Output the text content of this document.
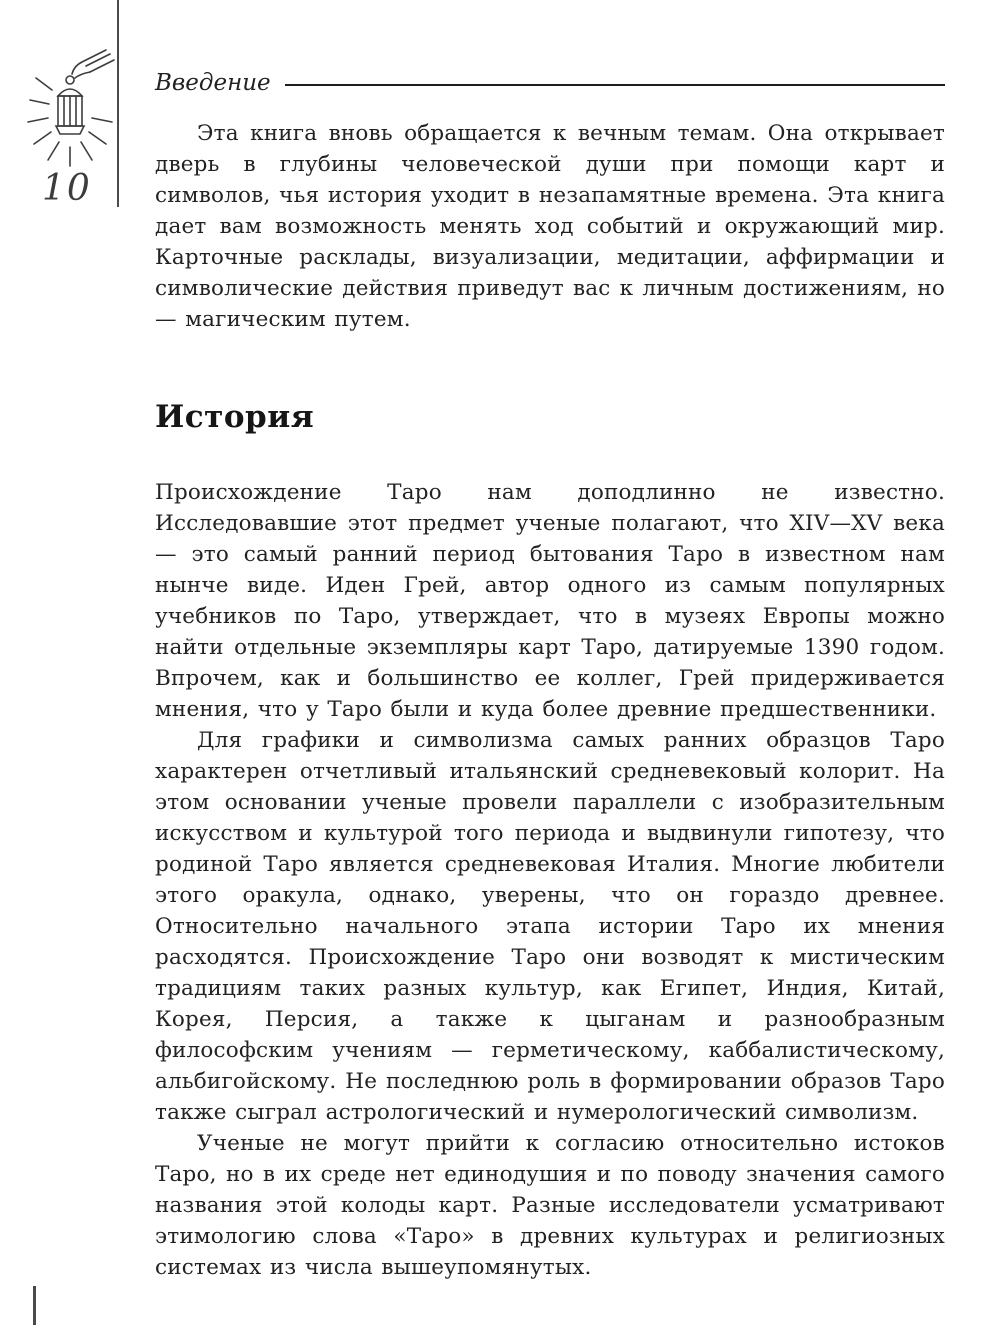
10
Введение

Эта книга вновь обращается к вечным темам. Она открывает дверь в глубины человеческой души при помощи карт и символов, чья история уходит в незапамятные времена. Эта книга дает вам возможность менять ход событий и окружающий мир. Карточные расклады, визуализации, медитации, аффирмации и символические действия приведут вас к личным достижениям, но — магическим путем.

История

Происхождение Таро нам доподлинно не известно. Исследовавшие этот предмет ученые полагают, что XIV—XV века — это самый ранний период бытования Таро в известном нам нынче виде. Иден Грей, автор одного из самым популярных учебников по Таро, утверждает, что в музеях Европы можно найти отдельные экземпляры карт Таро, датируемые 1390 годом. Впрочем, как и большинство ее коллег, Грей придерживается мнения, что у Таро были и куда более древние предшественники.

Для графики и символизма самых ранних образцов Таро характерен отчетливый итальянский средневековый колорит. На этом основании ученые провели параллели с изобразительным искусством и культурой того периода и выдвинули гипотезу, что родиной Таро является средневековая Италия. Многие любители этого оракула, однако, уверены, что он гораздо древнее. Относительно начального этапа истории Таро их мнения расходятся. Происхождение Таро они возводят к мистическим традициям таких разных культур, как Египет, Индия, Китай, Корея, Персия, а также к цыганам и разнообразным философским учениям — герметическому, каббалистическому, альбигойскому. Не последнюю роль в формировании образов Таро также сыграл астрологический и нумерологический символизм.

Ученые не могут прийти к согласию относительно истоков Таро, но в их среде нет единодушия и по поводу значения самого названия этой колоды карт. Разные исследователи усматривают этимологию слова «Таро» в древних культурах и религиозных системах из числа вышеупомянутых.
